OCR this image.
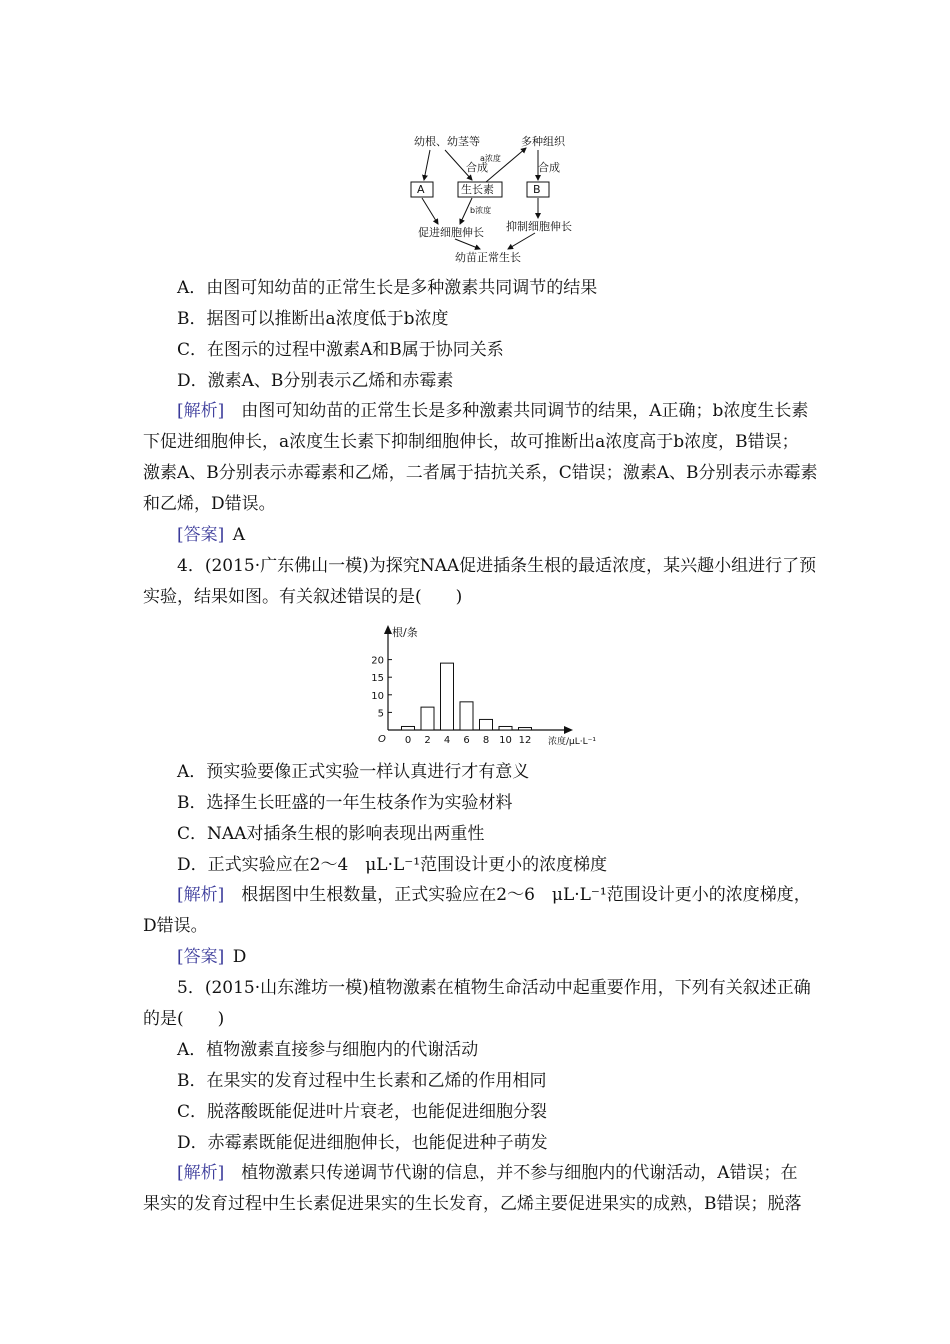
幼根、幼茎等	多种组织
合成	合成
a浓度
b浓度
A	生长素	B
促进细胞伸长 抑制细胞伸长
幼苗正常生长
A．由图可知幼苗的正常生长是多种激素共同调节的结果
B．据图可以推断出a浓度低于b浓度
C．在图示的过程中激素A和B属于协同关系
D．激素A、B分别表示乙烯和赤霉素
[解析]  由图可知幼苗的正常生长是多种激素共同调节的结果，A正确；b浓度生长素
下促进细胞伸长，a浓度生长素下抑制细胞伸长，故可推断出a浓度高于b浓度，B错误；
激素A、B分别表示赤霉素和乙烯，二者属于拮抗关系，C错误；激素A、B分别表示赤霉素
和乙烯，D错误。
[答案]  A
4．(2015·广东佛山一模)为探究NAA促进插条生根的最适浓度，某兴趣小组进行了预
实验，结果如图。有关叙述错误的是(　　)
根/条
浓度/μL·L⁻¹
O 0 2 4 6 8 10 12
5
10
15
20
A．预实验要像正式实验一样认真进行才有意义
B．选择生长旺盛的一年生枝条作为实验材料
C．NAA对插条生根的影响表现出两重性
D．正式实验应在2～4　μL·L⁻¹范围设计更小的浓度梯度
[解析]  根据图中生根数量，正式实验应在2～6　μL·L⁻¹范围设计更小的浓度梯度，
D错误。
[答案]  D
5．(2015·山东潍坊一模)植物激素在植物生命活动中起重要作用，下列有关叙述正确
的是(　　)
A．植物激素直接参与细胞内的代谢活动
B．在果实的发育过程中生长素和乙烯的作用相同
C．脱落酸既能促进叶片衰老，也能促进细胞分裂
D．赤霉素既能促进细胞伸长，也能促进种子萌发
[解析]  植物激素只传递调节代谢的信息，并不参与细胞内的代谢活动，A错误；在
果实的发育过程中生长素促进果实的生长发育，乙烯主要促进果实的成熟，B错误；脱落
